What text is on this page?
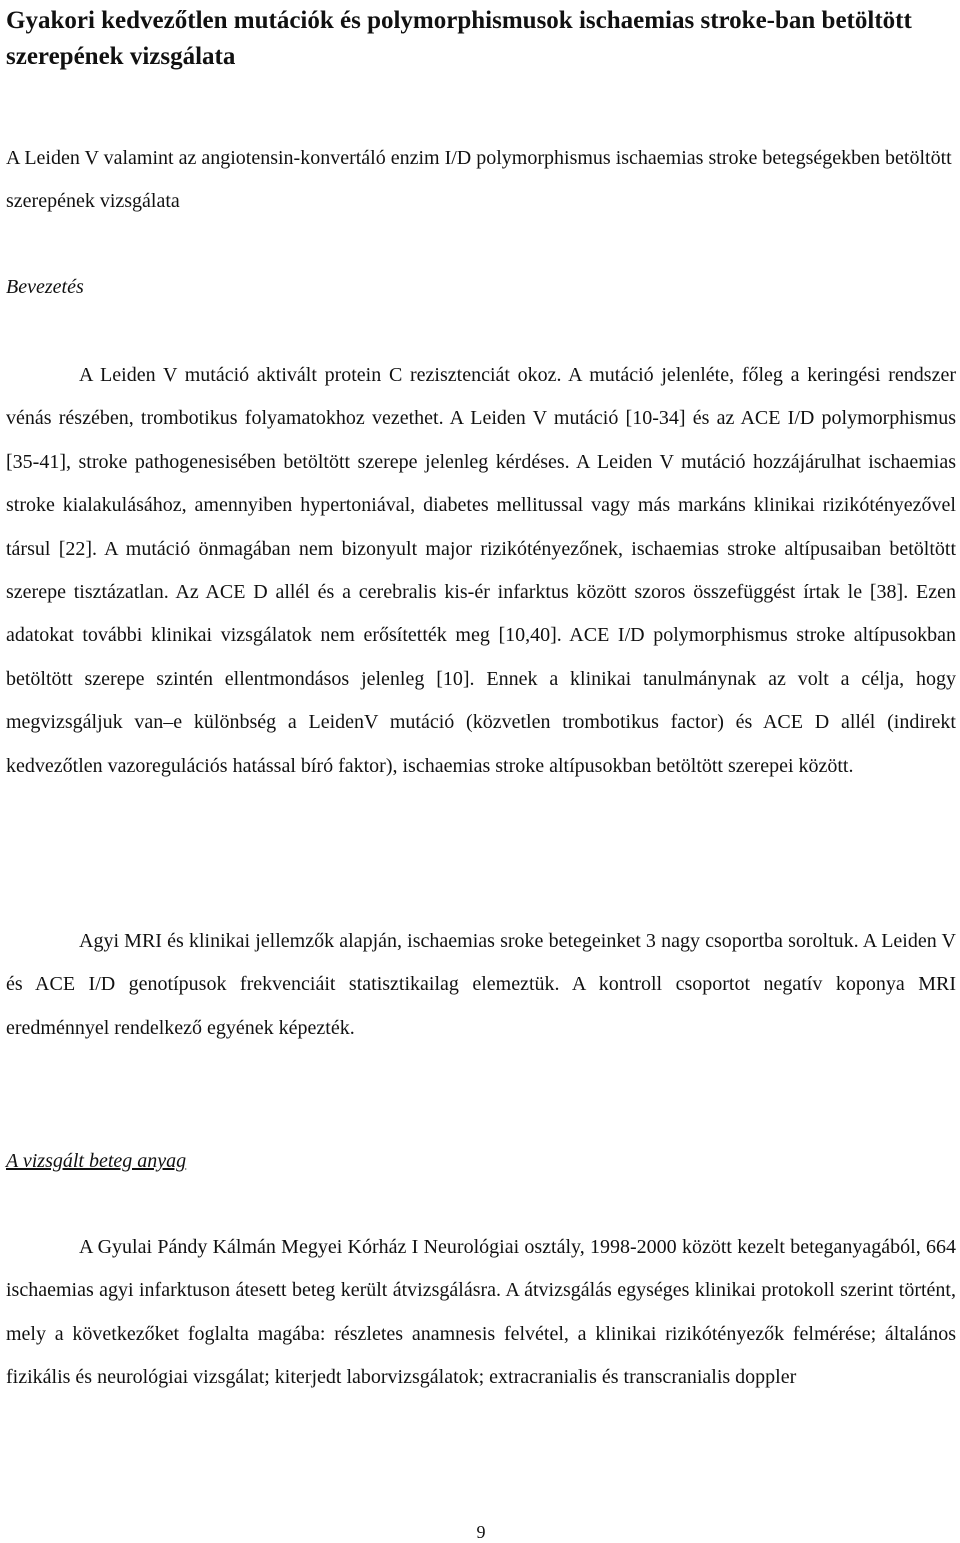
Gyakori kedvezőtlen mutációk és polymorphismusok ischaemias stroke-ban betöltött szerepének vizsgálata
A Leiden V valamint az angiotensin-konvertáló enzim I/D polymorphismus ischaemias stroke betegségekben betöltött szerepének vizsgálata
Bevezetés

A Leiden V mutáció aktivált protein C rezisztenciát okoz. A mutáció jelenléte, főleg a keringési rendszer vénás részében, trombotikus folyamatokhoz vezethet. A Leiden V mutáció [10-34] és az ACE I/D polymorphismus [35-41], stroke pathogenesisében betöltött szerepe jelenleg kérdéses. A Leiden V mutáció hozzájárulhat ischaemias stroke kialakulásához, amennyiben hypertoniával, diabetes mellitussal vagy más markáns klinikai rizikótényezővel társul [22]. A mutáció önmagában nem bizonyult major rizikótényezőnek, ischaemias stroke altípusaiban betöltött szerepe tisztázatlan. Az ACE D allél és a cerebralis kis-ér infarktus között szoros összefüggést írtak le [38]. Ezen adatokat további klinikai vizsgálatok nem erősítették meg [10,40]. ACE I/D polymorphismus stroke altípusokban betöltött szerepe szintén ellentmondásos jelenleg [10]. Ennek a klinikai tanulmánynak az volt a célja, hogy megvizsgáljuk van–e különbség a LeidenV mutáció (közvetlen trombotikus factor) és ACE D allél (indirekt kedvezőtlen vazoregulációs hatással bíró faktor), ischaemias stroke altípusokban betöltött szerepei között.

Agyi MRI és klinikai jellemzők alapján, ischaemias sroke betegeinket 3 nagy csoportba soroltuk. A Leiden V és ACE I/D genotípusok frekvenciáit statisztikailag elemeztük. A kontroll csoportot negatív koponya MRI eredménnyel rendelkező egyének képezték.

A vizsgált beteg anyag

A Gyulai Pándy Kálmán Megyei Kórház I Neurológiai osztály, 1998-2000 között kezelt beteganyagából, 664 ischaemias agyi infarktuson átesett beteg került átvizsgálásra. A átvizsgálás egységes klinikai protokoll szerint történt, mely a következőket foglalta magába: részletes anamnesis felvétel, a klinikai rizikótényezők felmérése; általános fizikális és neurológiai vizsgálat; kiterjedt laborvizsgálatok; extracranialis és transcranialis doppler

9
